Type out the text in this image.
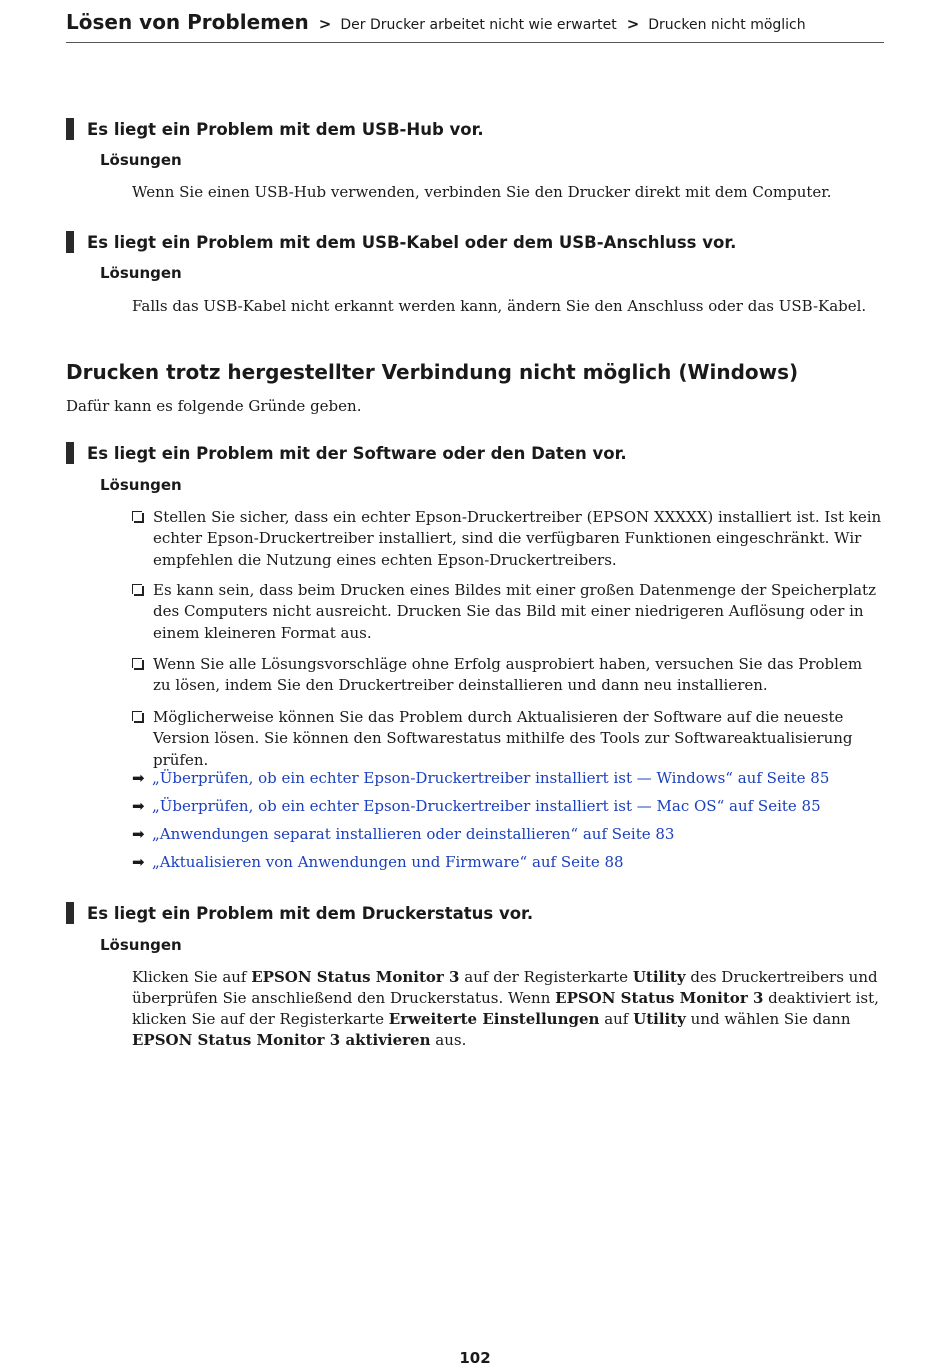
Lösen von Problemen > Der Drucker arbeitet nicht wie erwartet > Drucken nicht möglich
Es liegt ein Problem mit dem USB-Hub vor.
Lösungen
Wenn Sie einen USB-Hub verwenden, verbinden Sie den Drucker direkt mit dem Computer.
Es liegt ein Problem mit dem USB-Kabel oder dem USB-Anschluss vor.
Lösungen
Falls das USB-Kabel nicht erkannt werden kann, ändern Sie den Anschluss oder das USB-Kabel.
Drucken trotz hergestellter Verbindung nicht möglich (Windows)
Dafür kann es folgende Gründe geben.
Es liegt ein Problem mit der Software oder den Daten vor.
Lösungen
Stellen Sie sicher, dass ein echter Epson-Druckertreiber (EPSON XXXXX) installiert ist. Ist kein echter Epson-Druckertreiber installiert, sind die verfügbaren Funktionen eingeschränkt. Wir empfehlen die Nutzung eines echten Epson-Druckertreibers.
Es kann sein, dass beim Drucken eines Bildes mit einer großen Datenmenge der Speicherplatz des Computers nicht ausreicht. Drucken Sie das Bild mit einer niedrigeren Auflösung oder in einem kleineren Format aus.
Wenn Sie alle Lösungsvorschläge ohne Erfolg ausprobiert haben, versuchen Sie das Problem zu lösen, indem Sie den Druckertreiber deinstallieren und dann neu installieren.
Möglicherweise können Sie das Problem durch Aktualisieren der Software auf die neueste Version lösen. Sie können den Softwarestatus mithilfe des Tools zur Softwareaktualisierung prüfen.
➡ „Überprüfen, ob ein echter Epson-Druckertreiber installiert ist — Windows“ auf Seite 85
➡ „Überprüfen, ob ein echter Epson-Druckertreiber installiert ist — Mac OS“ auf Seite 85
➡ „Anwendungen separat installieren oder deinstallieren“ auf Seite 83
➡ „Aktualisieren von Anwendungen und Firmware“ auf Seite 88
Es liegt ein Problem mit dem Druckerstatus vor.
Lösungen
Klicken Sie auf EPSON Status Monitor 3 auf der Registerkarte Utility des Druckertreibers und überprüfen Sie anschließend den Druckerstatus. Wenn EPSON Status Monitor 3 deaktiviert ist, klicken Sie auf der Registerkarte Erweiterte Einstellungen auf Utility und wählen Sie dann EPSON Status Monitor 3 aktivieren aus.
102
